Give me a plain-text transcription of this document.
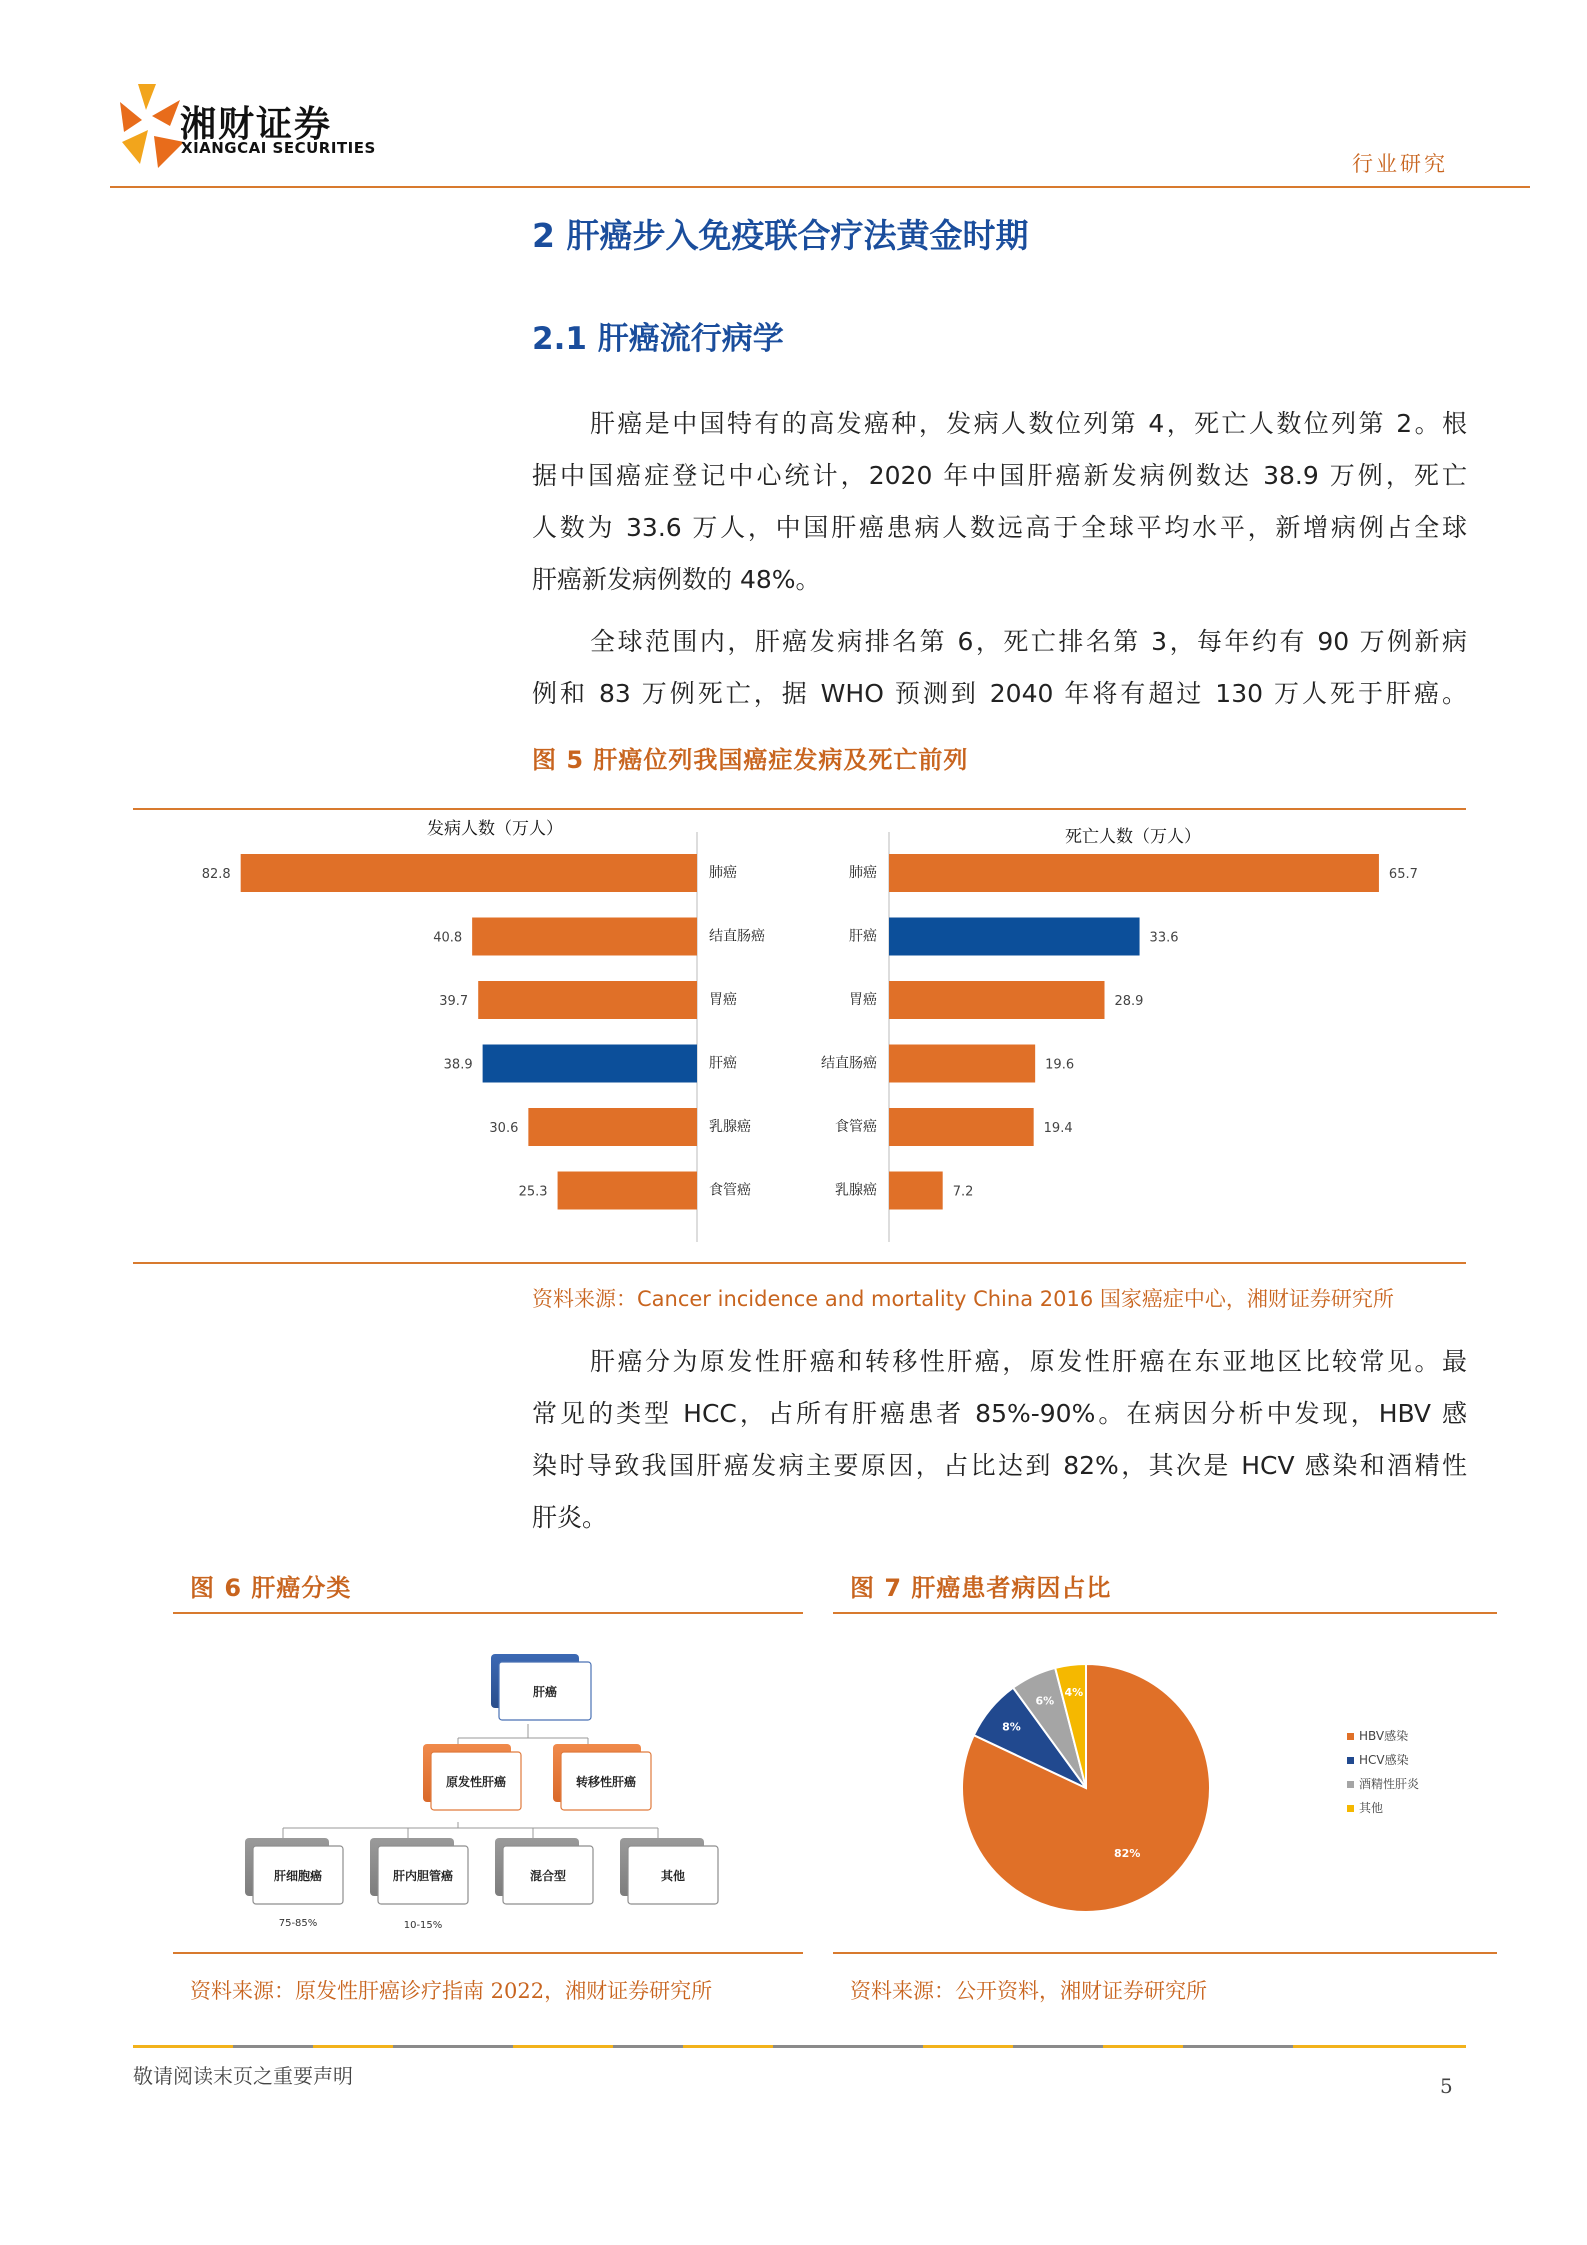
湘财证券
XIANGCAI SECURITIES
行业研究
2 肝癌步入免疫联合疗法黄金时期
2.1 肝癌流行病学
肝癌是中国特有的高发癌种，发病人数位列第 4，死亡人数位列第 2。根
据中国癌症登记中心统计，2020 年中国肝癌新发病例数达 38.9 万例，死亡
人数为 33.6 万人，中国肝癌患病人数远高于全球平均水平，新增病例占全球
肝癌新发病例数的 48%。
全球范围内，肝癌发病排名第 6，死亡排名第 3，每年约有 90 万例新病
例和 83 万例死亡，据 WHO 预测到 2040 年将有超过 130 万人死于肝癌。
图 5 肝癌位列我国癌症发病及死亡前列
发病人数（万人）
82.8	肺癌
40.8	结直肠癌
39.7	胃癌
38.9	肝癌
30.6	乳腺癌
25.3	食管癌
死亡人数（万人）
65.7
肺癌
33.6
肝癌
28.9
胃癌
19.6
结直肠癌
19.4
食管癌
7.2
乳腺癌
资料来源：Cancer incidence and mortality China 2016 国家癌症中心，湘财证券研究所
肝癌分为原发性肝癌和转移性肝癌，原发性肝癌在东亚地区比较常见。最
常见的类型 HCC，占所有肝癌患者 85%-90%。在病因分析中发现，HBV 感
染时导致我国肝癌发病主要原因，占比达到 82%，其次是 HCV 感染和酒精性
肝炎。
图 6 肝癌分类
肝癌
原发性肝癌	转移性肝癌
肝细胞癌	肝内胆管癌	混合型	其他
75-85%	10-15%
资料来源：原发性肝癌诊疗指南 2022，湘财证券研究所
图 7 肝癌患者病因占比
82%
8%
6%
4%
HBV感染
HCV感染
酒精性肝炎
其他
资料来源：公开资料，湘财证券研究所
敬请阅读末页之重要声明	5
